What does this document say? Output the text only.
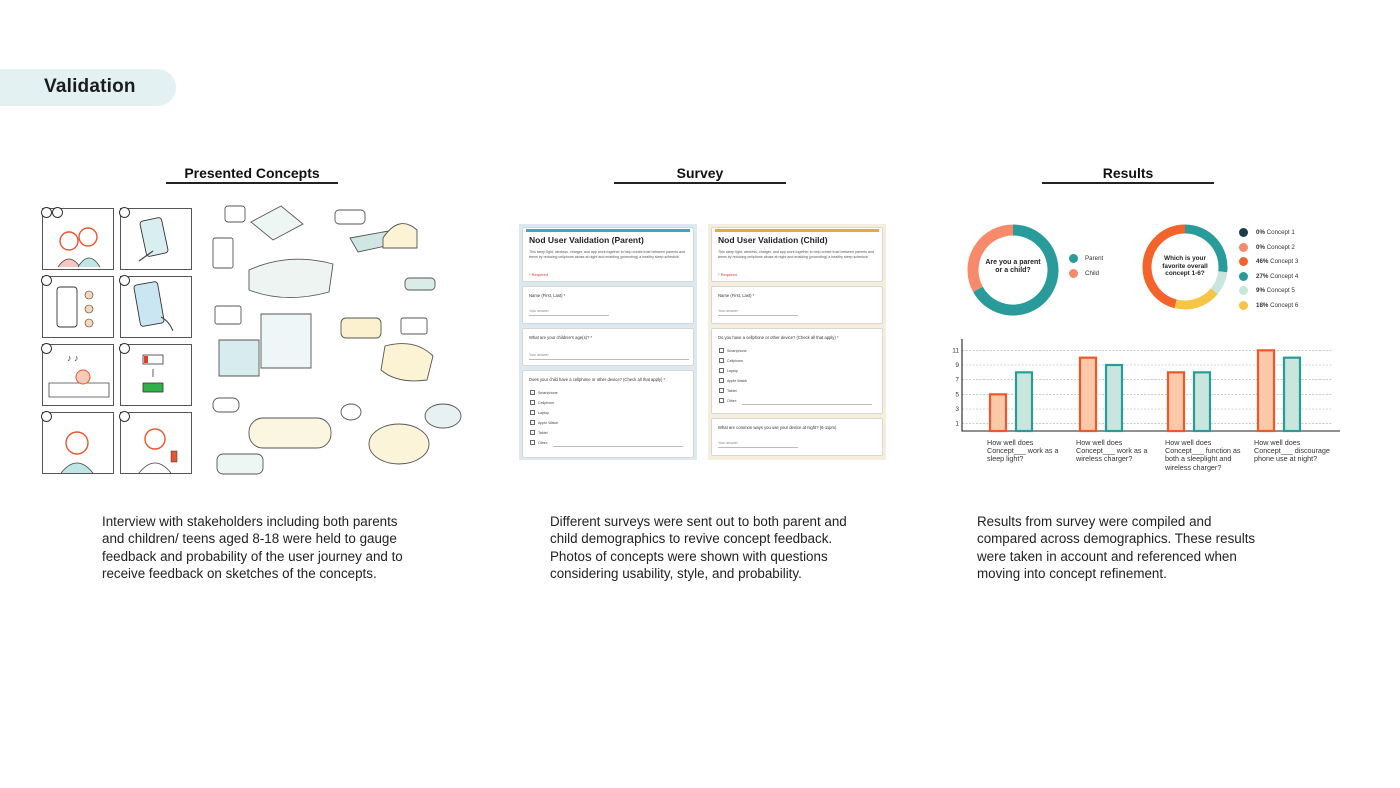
Validation
Presented Concepts	Survey	Results
♪ ♪
Interview with stakeholders including both parents and children/ teens aged 8-18 were held to gauge feedback and probability of the user journey and to receive feedback on sketches of the concepts.
Nod User Validation (Parent)
This sleep light, wireless, charger, and app work together to help create trust between parents and teens by reducing cellphone abuse at night and enabling (promoting) a healthy sleep schedule.
* Required
Name (First, Last) *
Your answer
What are your children's age(s)? *
Your answer
Does your child have a cellphone or other device? (Check all that apply) *
Smartphone
Cellphone
Laptop
Apple Watch
Tablet
Other:
Nod User Validation (Child)
This sleep light, wireless, charger, and app work together to help create trust between parents and teens by reducing cellphone abuse at night and enabling (promoting) a healthy sleep schedule.
* Required
Name (First, Last) *
Your answer
Do you have a cellphone or other device? (Check all that apply) *
Smartphone
Cellphone
Laptop
Apple Watch
Tablet
Other:
What are common ways you use your device at night? (6-11pm)
Your answer
Different surveys were sent out to both parent and child demographics to revive concept feedback. Photos of concepts were shown with questions considering usability, style, and probability.
Are you a parent or a child?
Parent
Child
Which is your favorite overall concept 1-6?
0% Concept 1
0% Concept 2
46% Concept 3
27% Concept 4
9% Concept 5
18% Concept 6
1
3
5
7
9
11
How well does Concept___ work as a sleep light?
How well does Concept___ work as a wireless charger?
How well does Concept___ function as both a sleeplight and wireless charger?
How well does Concept___ discourage phone use at night?
Results from survey were compiled and compared across demographics. These results were taken in account and referenced when moving into concept refinement.
